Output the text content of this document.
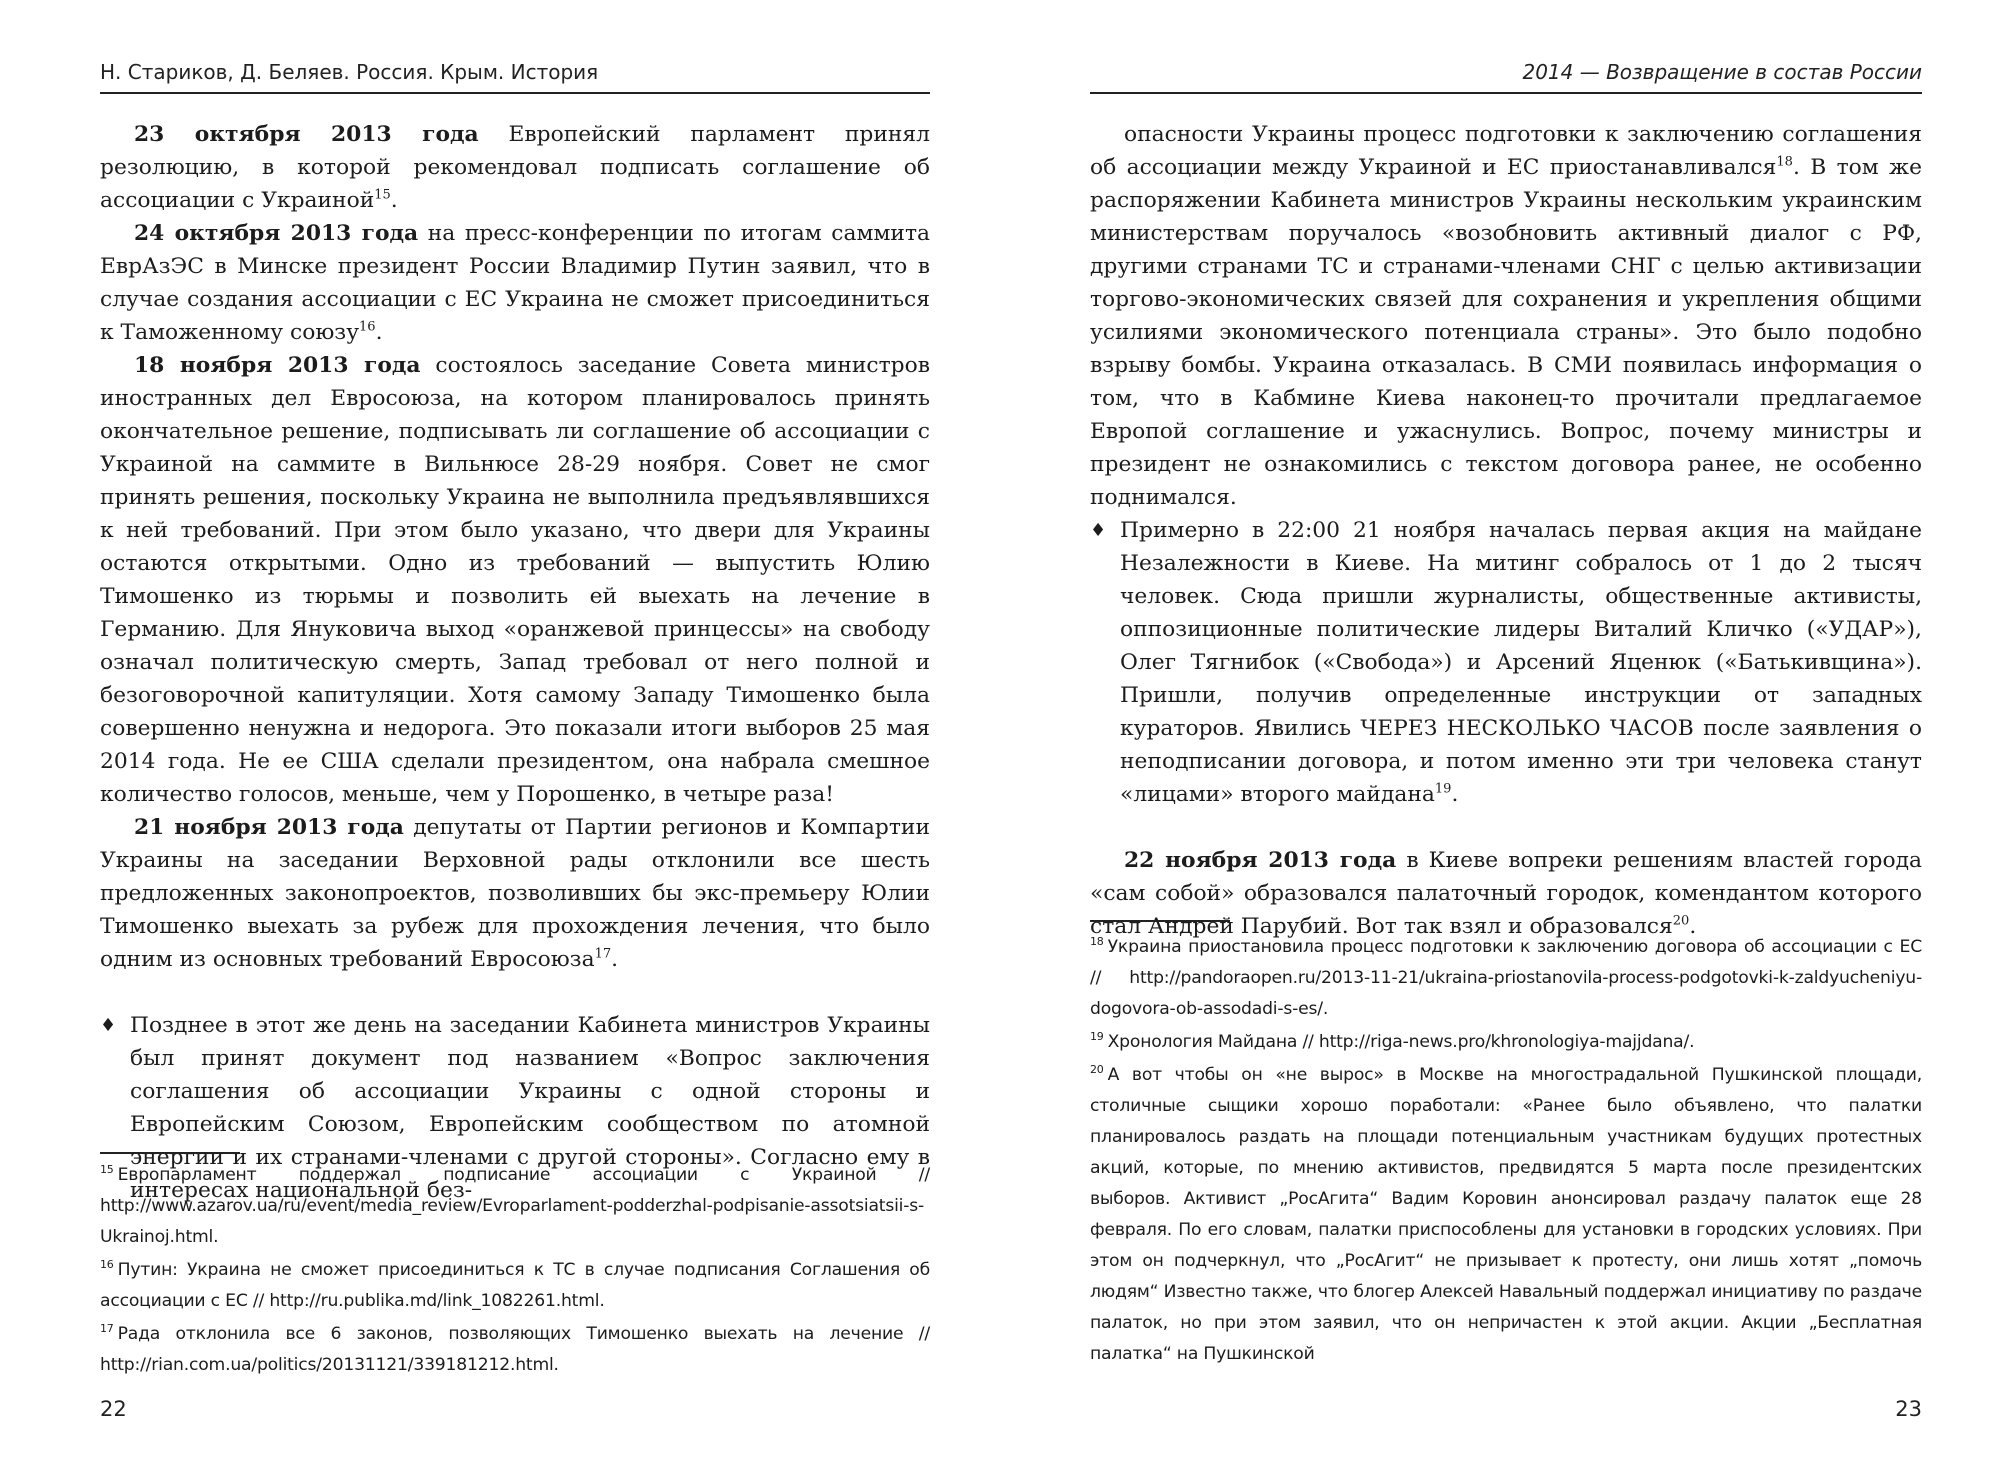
Н. Стариков, Д. Беляев. Россия. Крым. История

23 октября 2013 года Европейский парламент принял резолюцию, в которой рекомендовал подписать соглашение об ассоциации с Украиной$^{15}$.

24 октября 2013 года на пресс-конференции по итогам саммита ЕврАзЭС в Минске президент России Владимир Путин заявил, что в случае создания ассоциации с ЕС Украина не сможет присоединиться к Таможенному союзу$^{16}$.

18 ноября 2013 года состоялось заседание Совета министров иностранных дел Евросоюза, на котором планировалось принять окончательное решение, подписывать ли соглашение об ассоциации с Украиной на саммите в Вильнюсе 28-29 ноября. Совет не смог принять решения, поскольку Украина не выполнила предъявлявшихся к ней требований. При этом было указано, что двери для Украины остаются открытыми. Одно из требований — выпустить Юлию Тимошенко из тюрьмы и позволить ей выехать на лечение в Германию. Для Януковича выход «оранжевой принцессы» на свободу означал политическую смерть, Запад требовал от него полной и безоговорочной капитуляции. Хотя самому Западу Тимошенко была совершенно ненужна и недорога. Это показали итоги выборов 25 мая 2014 года. Не ее США сделали президентом, она набрала смешное количество голосов, меньше, чем у Порошенко, в четыре раза!

21 ноября 2013 года депутаты от Партии регионов и Компартии Украины на заседании Верховной рады отклонили все шесть предложенных законопроектов, позволивших бы экс-премьеру Юлии Тимошенко выехать за рубеж для прохождения лечения, что было одним из основных требований Евросоюза$^{17}$.

♦ Позднее в этот же день на заседании Кабинета министров Украины был принят документ под названием «Вопрос заключения соглашения об ассоциации Украины с одной стороны и Европейским Союзом, Европейским сообществом по атомной энергии и их странами-членами с другой стороны». Согласно ему в интересах национальной без-

$^{15}$ Европарламент поддержал подписание ассоциации с Украиной // http://www.azarov.ua/ru/event/media_review/Evroparlament-podderzhal-podpisanie-assotsiatsii-s-Ukrainoj.html.

$^{16}$ Путин: Украина не сможет присоединиться к ТС в случае подписания Соглашения об ассоциации с ЕС // http://ru.publika.md/link_1082261.html.

$^{17}$ Рада отклонила все 6 законов, позволяющих Тимошенко выехать на лечение // http://rian.com.ua/politics/20131121/339181212.html.

22
2014 — Возвращение в состав России

опасности Украины процесс подготовки к заключению соглашения об ассоциации между Украиной и ЕС приостанавливался$^{18}$. В том же распоряжении Кабинета министров Украины нескольким украинским министерствам поручалось «возобновить активный диалог с РФ, другими странами ТС и странами-членами СНГ с целью активизации торгово-экономических связей для сохранения и укрепления общими усилиями экономического потенциала страны». Это было подобно взрыву бомбы. Украина отказалась. В СМИ появилась информация о том, что в Кабмине Киева наконец-то прочитали предлагаемое Европой соглашение и ужаснулись. Вопрос, почему министры и президент не ознакомились с текстом договора ранее, не особенно поднимался.

♦ Примерно в 22:00 21 ноября началась первая акция на майдане Незалежности в Киеве. На митинг собралось от 1 до 2 тысяч человек. Сюда пришли журналисты, общественные активисты, оппозиционные политические лидеры Виталий Кличко («УДАР»), Олег Тягнибок («Свобода») и Арсений Яценюк («Батькивщина»). Пришли, получив определенные инструкции от западных кураторов. Явились ЧЕРЕЗ НЕСКОЛЬКО ЧАСОВ после заявления о неподписании договора, и потом именно эти три человека станут «лицами» второго майдана$^{19}$.

22 ноября 2013 года в Киеве вопреки решениям властей города «сам собой» образовался палаточный городок, комендантом которого стал Андрей Парубий. Вот так взял и образовался$^{20}$.

$^{18}$ Украина приостановила процесс подготовки к заключению договора об ассоциации с ЕС // http://pandoraopen.ru/2013-11-21/ukraina-priostanovila-process-podgotovki-k-zaldyucheniyu-dogovora-ob-assodadi-s-es/.

$^{19}$ Хронология Майдана // http://riga-news.pro/khronologiya-majjdana/.

$^{20}$ А вот чтобы он «не вырос» в Москве на многострадальной Пушкинской площади, столичные сыщики хорошо поработали: «Ранее было объявлено, что палатки планировалось раздать на площади потенциальным участникам будущих протестных акций, которые, по мнению активистов, предвидятся 5 марта после президентских выборов. Активист „РосАгита“ Вадим Коровин анонсировал раздачу палаток еще 28 февраля. По его словам, палатки приспособлены для установки в городских условиях. При этом он подчеркнул, что „РосАгит“ не призывает к протесту, они лишь хотят „помочь людям“ Известно также, что блогер Алексей Навальный поддержал инициативу по раздаче палаток, но при этом заявил, что он непричастен к этой акции. Акции „Бесплатная палатка“ на Пушкинской

23
